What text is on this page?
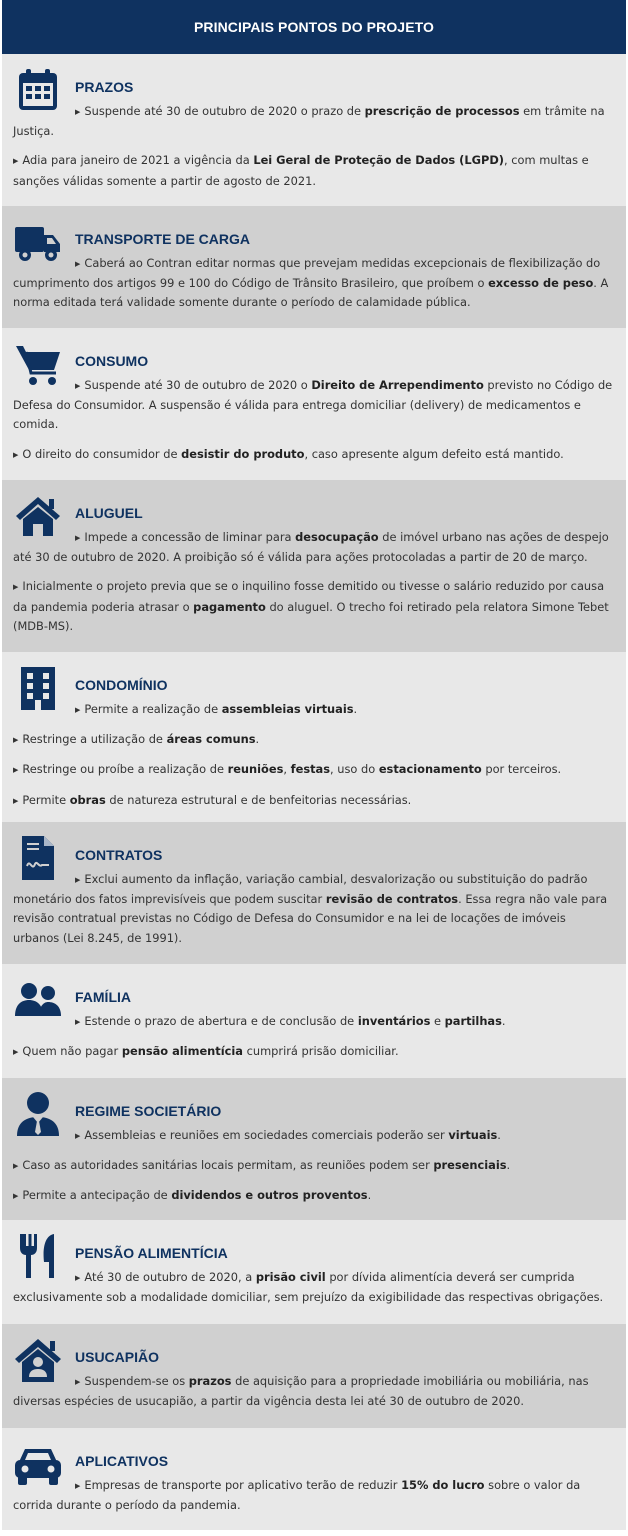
PRINCIPAIS PONTOS DO PROJETO
PRAZOS
▶ Suspende até 30 de outubro de 2020 o prazo de prescrição de processos em trâmite na Justiça.
▶ Adia para janeiro de 2021 a vigência da Lei Geral de Proteção de Dados (LGPD), com multas e sanções válidas somente a partir de agosto de 2021.
TRANSPORTE DE CARGA
▶ Caberá ao Contran editar normas que prevejam medidas excepcionais de flexibilização do cumprimento dos artigos 99 e 100 do Código de Trânsito Brasileiro, que proíbem o excesso de peso. A norma editada terá validade somente durante o período de calamidade pública.
CONSUMO
▶ Suspende até 30 de outubro de 2020 o Direito de Arrependimento previsto no Código de Defesa do Consumidor. A suspensão é válida para entrega domiciliar (delivery) de medicamentos e comida.
▶ O direito do consumidor de desistir do produto, caso apresente algum defeito está mantido.
ALUGUEL
▶ Impede a concessão de liminar para desocupação de imóvel urbano nas ações de despejo até 30 de outubro de 2020. A proibição só é válida para ações protocoladas a partir de 20 de março.
▶ Inicialmente o projeto previa que se o inquilino fosse demitido ou tivesse o salário reduzido por causa da pandemia poderia atrasar o pagamento do aluguel. O trecho foi retirado pela relatora Simone Tebet (MDB-MS).
CONDOMÍNIO
▶ Permite a realização de assembleias virtuais.
▶ Restringe a utilização de áreas comuns.
▶ Restringe ou proíbe a realização de reuniões, festas, uso do estacionamento por terceiros.
▶ Permite obras de natureza estrutural e de benfeitorias necessárias.
CONTRATOS
▶ Exclui aumento da inflação, variação cambial, desvalorização ou substituição do padrão monetário dos fatos imprevisíveis que podem suscitar revisão de contratos. Essa regra não vale para revisão contratual previstas no Código de Defesa do Consumidor e na lei de locações de imóveis urbanos (Lei 8.245, de 1991).
FAMÍLIA
▶ Estende o prazo de abertura e de conclusão de inventários e partilhas.
▶ Quem não pagar pensão alimentícia cumprirá prisão domiciliar.
REGIME SOCIETÁRIO
▶ Assembleias e reuniões em sociedades comerciais poderão ser virtuais.
▶ Caso as autoridades sanitárias locais permitam, as reuniões podem ser presenciais.
▶ Permite a antecipação de dividendos e outros proventos.
PENSÃO ALIMENTÍCIA
▶ Até 30 de outubro de 2020, a prisão civil por dívida alimentícia deverá ser cumprida exclusivamente sob a modalidade domiciliar, sem prejuízo da exigibilidade das respectivas obrigações.
USUCAPIÃO
▶ Suspendem-se os prazos de aquisição para a propriedade imobiliária ou mobiliária, nas diversas espécies de usucapião, a partir da vigência desta lei até 30 de outubro de 2020.
APLICATIVOS
▶ Empresas de transporte por aplicativo terão de reduzir 15% do lucro sobre o valor da corrida durante o período da pandemia.
